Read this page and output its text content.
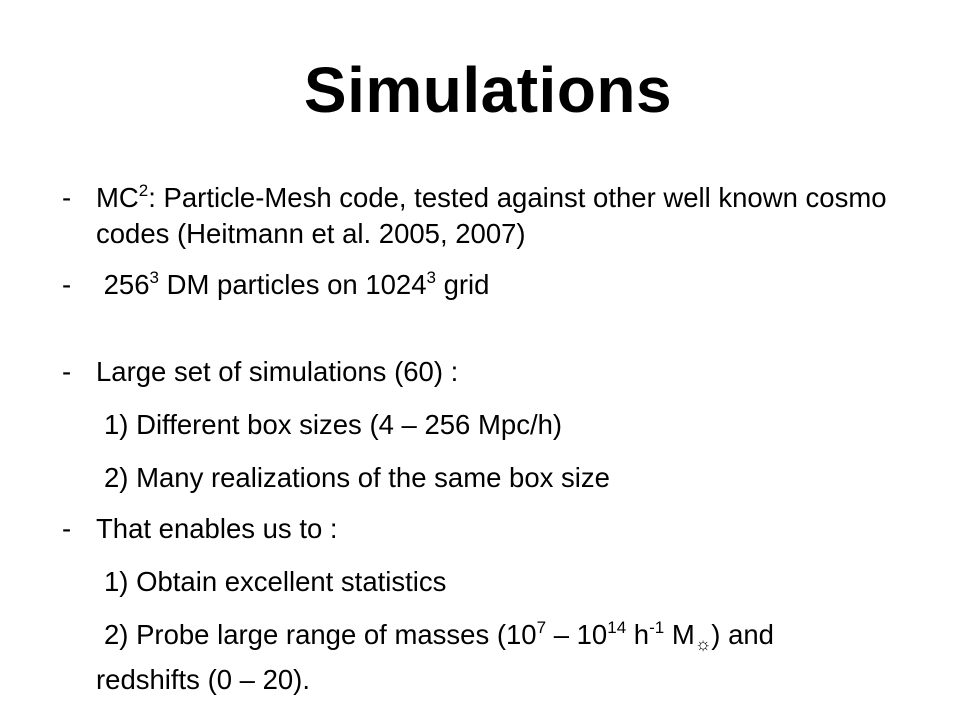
Simulations
- $MC^2$: Particle-Mesh code, tested against other well known cosmo codes (Heitmann et al. 2005, 2007)
- $256^3$ DM particles on 1024$^3$ grid
- Large set of simulations (60) :
1) Different box sizes (4 – 256 Mpc/h)
2) Many realizations of the same box size
- That enables us to :
1) Obtain excellent statistics
2) Probe large range of masses ($10^7 - 10^{14}$ $h^{-1}$ $M_☼$) and
redshifts (0 – 20).
